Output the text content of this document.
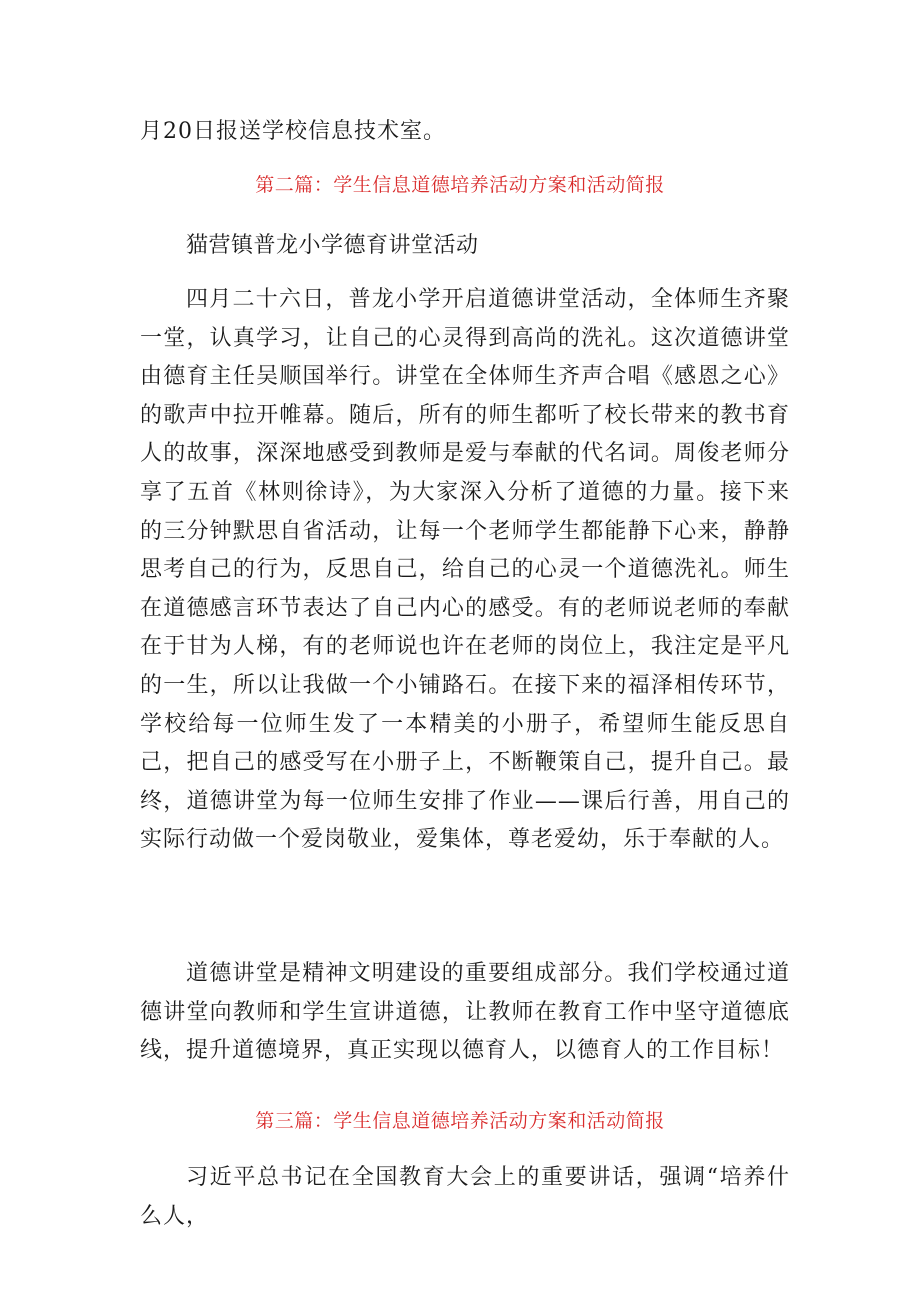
月20日报送学校信息技术室。

第二篇：学生信息道德培养活动方案和活动简报

猫营镇普龙小学德育讲堂活动

四月二十六日，普龙小学开启道德讲堂活动，全体师生齐聚一堂，认真学习，让自己的心灵得到高尚的洗礼。这次道德讲堂由德育主任吴顺国举行。讲堂在全体师生齐声合唱《感恩之心》的歌声中拉开帷幕。随后，所有的师生都听了校长带来的教书育人的故事，深深地感受到教师是爱与奉献的代名词。周俊老师分享了五首《林则徐诗》，为大家深入分析了道德的力量。接下来的三分钟默思自省活动，让每一个老师学生都能静下心来，静静思考自己的行为，反思自己，给自己的心灵一个道德洗礼。师生在道德感言环节表达了自己内心的感受。有的老师说老师的奉献在于甘为人梯，有的老师说也许在老师的岗位上，我注定是平凡的一生，所以让我做一个小铺路石。在接下来的福泽相传环节，学校给每一位师生发了一本精美的小册子，希望师生能反思自己，把自己的感受写在小册子上，不断鞭策自己，提升自己。最终，道德讲堂为每一位师生安排了作业——课后行善，用自己的实际行动做一个爱岗敬业，爱集体，尊老爱幼，乐于奉献的人。

道德讲堂是精神文明建设的重要组成部分。我们学校通过道德讲堂向教师和学生宣讲道德，让教师在教育工作中坚守道德底线，提升道德境界，真正实现以德育人，以德育人的工作目标！

第三篇：学生信息道德培养活动方案和活动简报

习近平总书记在全国教育大会上的重要讲话，强调“培养什么人，
